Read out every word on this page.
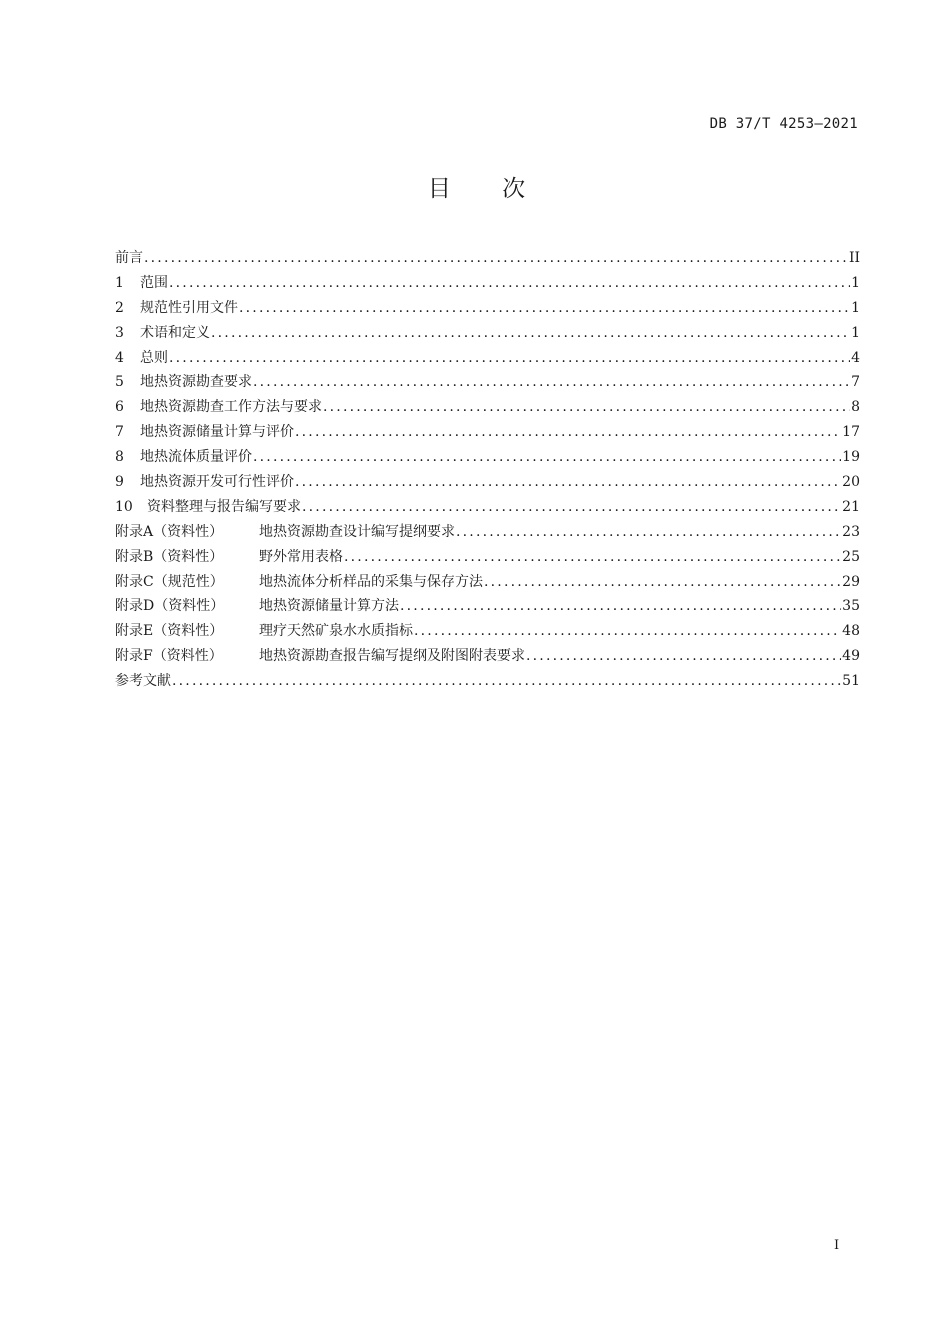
DB 37/T 4253—2021
目 次
前言 .....	II
1	范围 .....	1
2	规范性引用文件 .....	1
3	术语和定义 .....	1
4	总则 .....	4
5	地热资源勘查要求 .....	7
6	地热资源勘查工作方法与要求 .....	8
7	地热资源储量计算与评价 .....	17
8	地热流体质量评价 .....	19
9	地热资源开发可行性评价 .....	20
10	资料整理与报告编写要求 .....	21
附录A（资料性）	地热资源勘查设计编写提纲要求 .....	23
附录B（资料性）	野外常用表格 .....	25
附录C（规范性）	地热流体分析样品的采集与保存方法 .....	29
附录D（资料性）	地热资源储量计算方法 .....	35
附录E（资料性）	理疗天然矿泉水水质指标 .....	48
附录F（资料性）	地热资源勘查报告编写提纲及附图附表要求 .....	49
参考文献 .....	51
I
